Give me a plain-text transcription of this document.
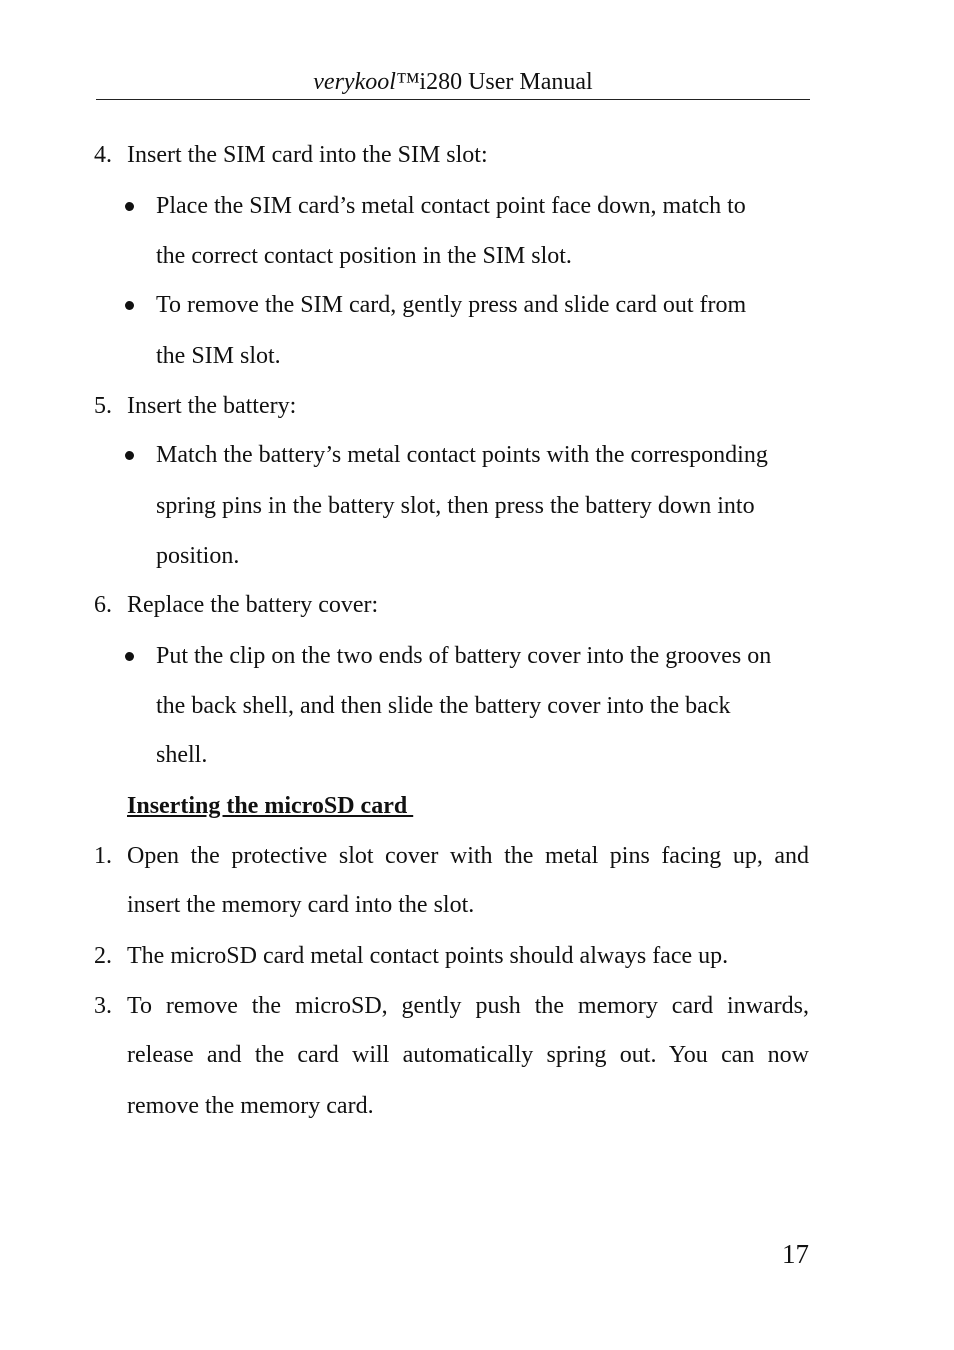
verykool™i280 User Manual
4. Insert the SIM card into the SIM slot:
Place the SIM card’s metal contact point face down, match to
the correct contact position in the SIM slot.
To remove the SIM card, gently press and slide card out from
the SIM slot.
5. Insert the battery:
Match the battery’s metal contact points with the corresponding
spring pins in the battery slot, then press the battery down into
position.
6. Replace the battery cover:
Put the clip on the two ends of battery cover into the grooves on
the back shell, and then slide the battery cover into the back
shell.
Inserting the microSD card
1. Open the protective slot cover with the metal pins facing up, and
insert the memory card into the slot.
2. The microSD card metal contact points should always face up.
3. To remove the microSD, gently push the memory card inwards,
release and the card will automatically spring out. You can now
remove the memory card.
17
